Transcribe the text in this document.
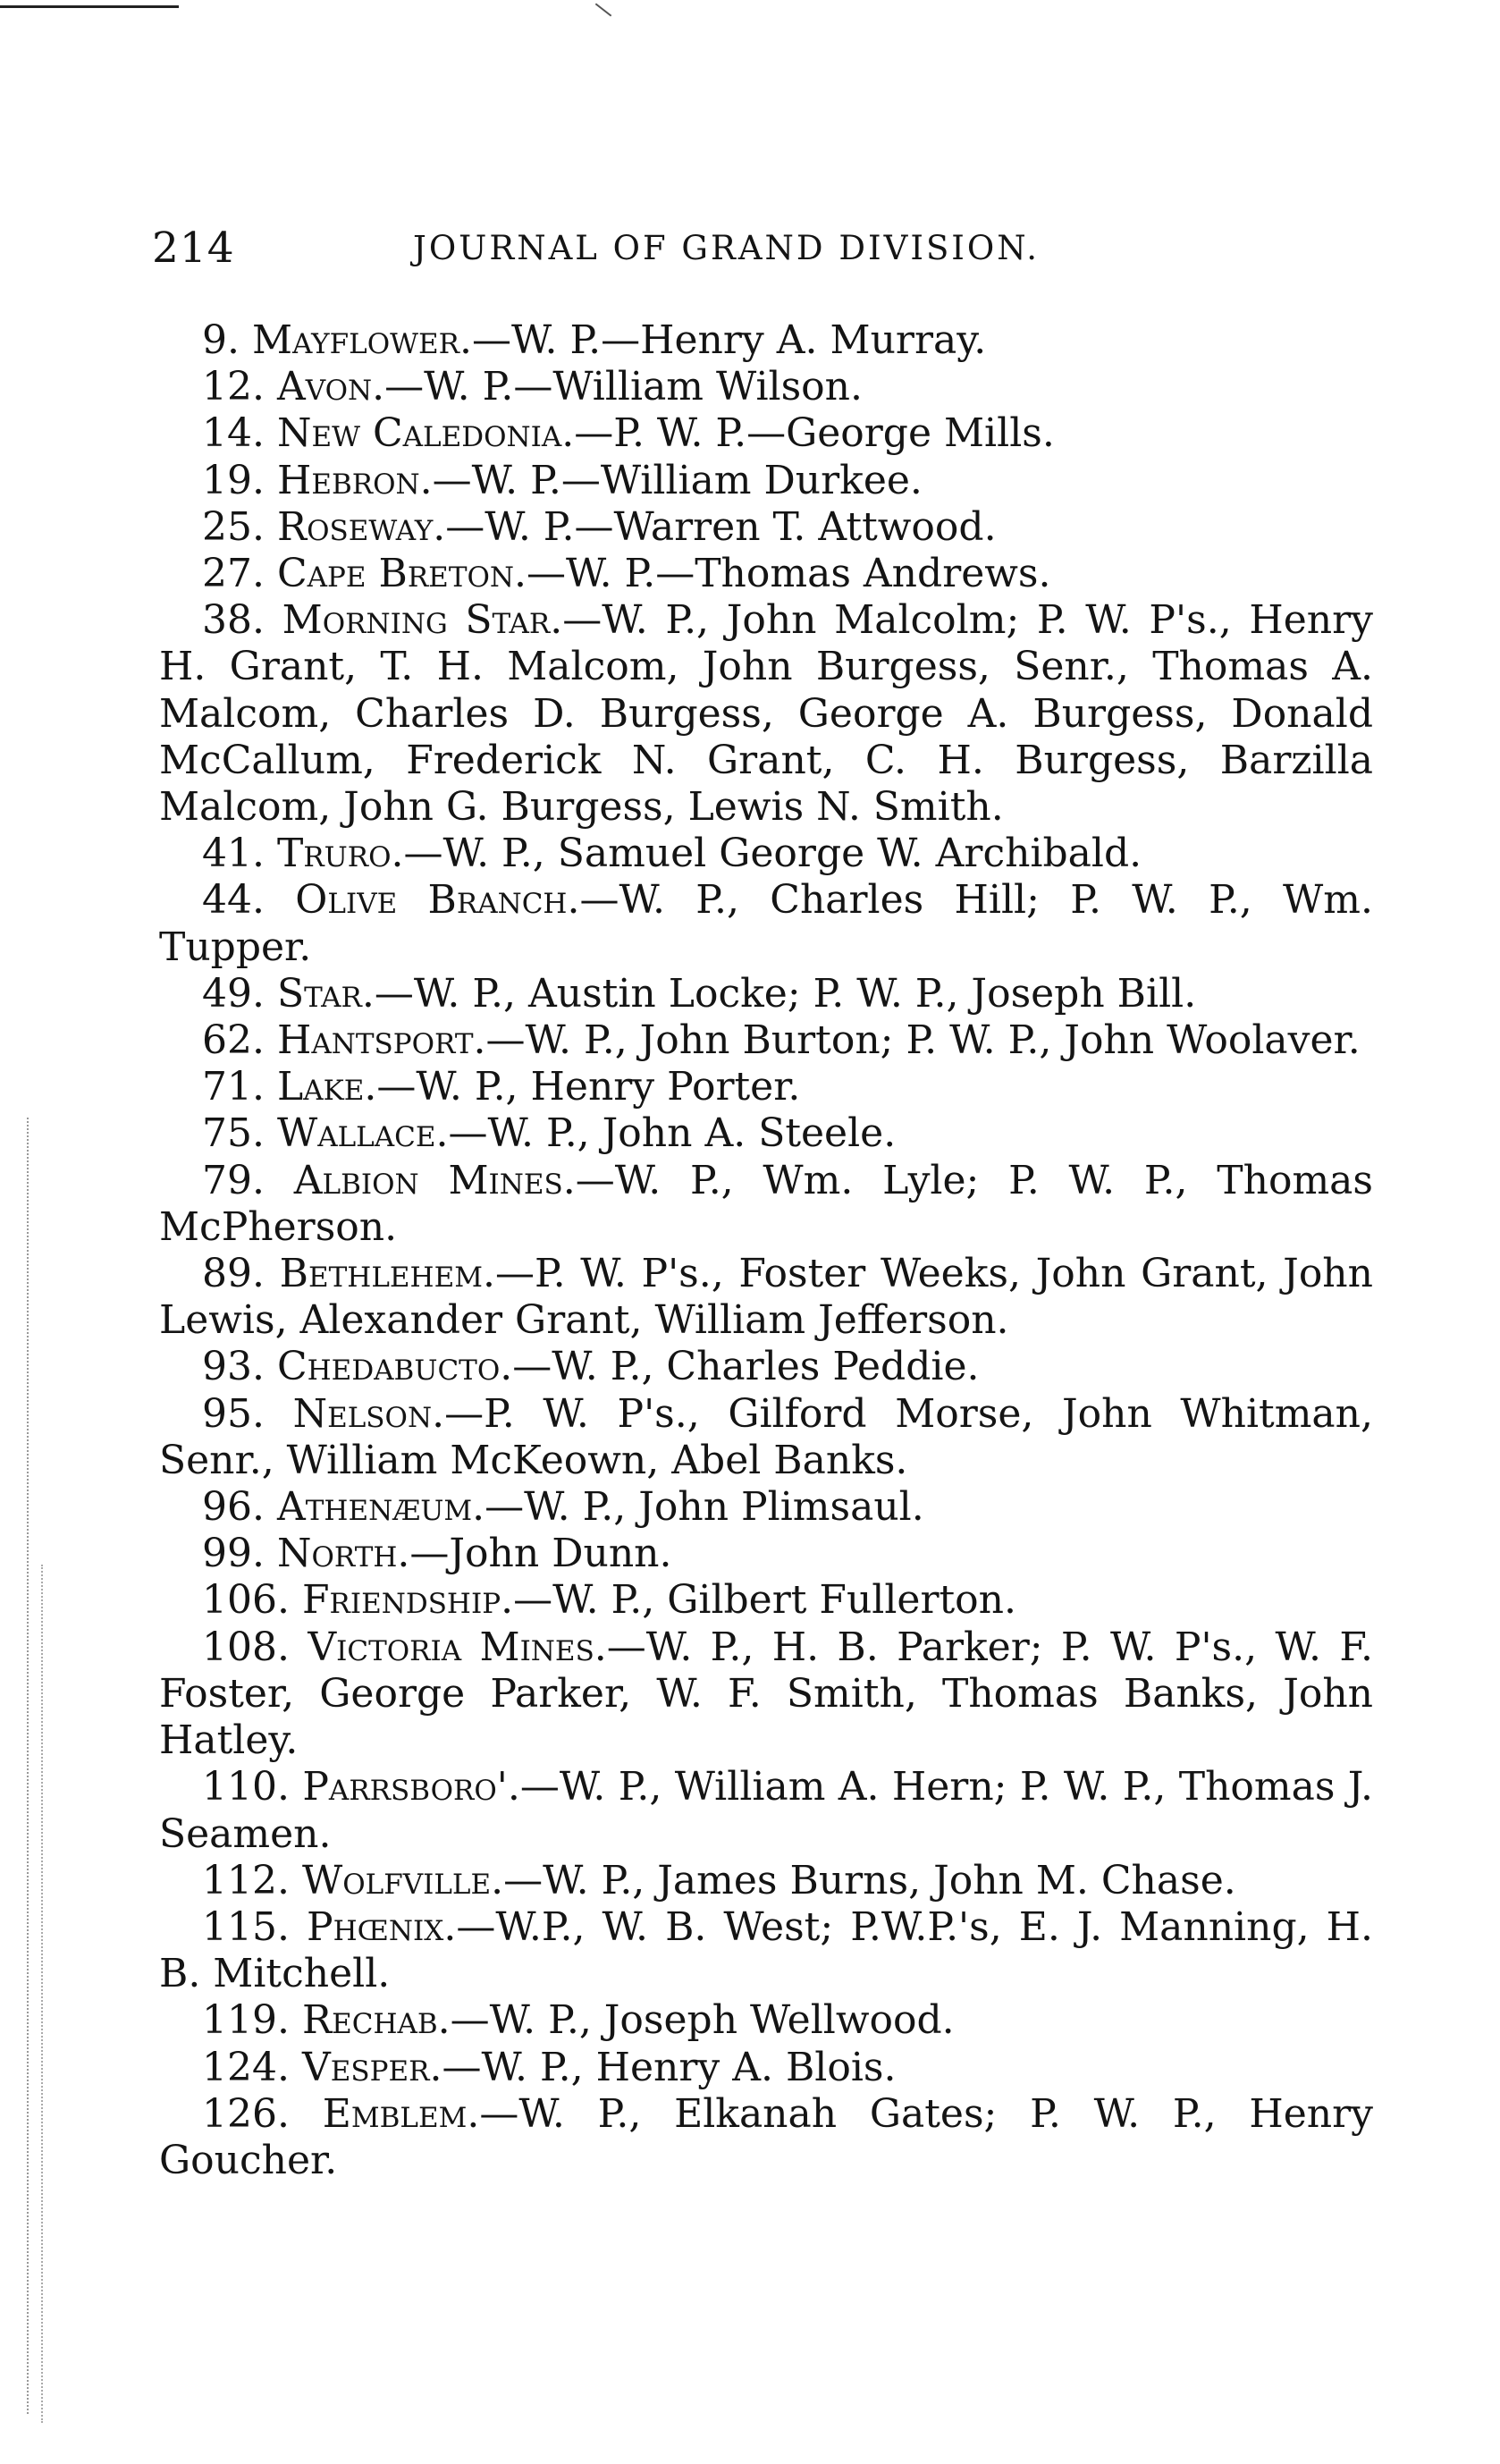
214	JOURNAL OF GRAND DIVISION.

9. Mayflower.—W. P.—Henry A. Murray.

12. Avon.—W. P.—William Wilson.

14. New Caledonia.—P. W. P.—George Mills.

19. Hebron.—W. P.—William Durkee.

25. Roseway.—W. P.—Warren T. Attwood.

27. Cape Breton.—W. P.—Thomas Andrews.

38. Morning Star.—W. P., John Malcolm; P. W. P's., Henry H. Grant, T. H. Malcom, John Burgess, Senr., Thomas A. Malcom, Charles D. Burgess, George A. Burgess, Donald McCallum, Frederick N. Grant, C. H. Burgess, Barzilla Malcom, John G. Burgess, Lewis N. Smith.

41. Truro.—W. P., Samuel George W. Archibald.

44. Olive Branch.—W. P., Charles Hill; P. W. P., Wm. Tupper.

49. Star.—W. P., Austin Locke; P. W. P., Joseph Bill.

62. Hantsport.—W. P., John Burton; P. W. P., John Woolaver.

71. Lake.—W. P., Henry Porter.

75. Wallace.—W. P., John A. Steele.

79. Albion Mines.—W. P., Wm. Lyle; P. W. P., Thomas McPherson.

89. Bethlehem.—P. W. P's., Foster Weeks, John Grant, John Lewis, Alexander Grant, William Jefferson.

93. Chedabucto.—W. P., Charles Peddie.

95. Nelson.—P. W. P's., Gilford Morse, John Whitman, Senr., William McKeown, Abel Banks.

96. Athenæum.—W. P., John Plimsaul.

99. North.—John Dunn.

106. Friendship.—W. P., Gilbert Fullerton.

108. Victoria Mines.—W. P., H. B. Parker; P. W. P's., W. F. Foster, George Parker, W. F. Smith, Thomas Banks, John Hatley.

110. Parrsboro'.—W. P., William A. Hern; P. W. P., Thomas J. Seamen.

112. Wolfville.—W. P., James Burns, John M. Chase.

115. Phœnix.—W.P., W. B. West; P.W.P.'s, E. J. Manning, H. B. Mitchell.

119. Rechab.—W. P., Joseph Wellwood.

124. Vesper.—W. P., Henry A. Blois.

126. Emblem.—W. P., Elkanah Gates; P. W. P., Henry Goucher.
